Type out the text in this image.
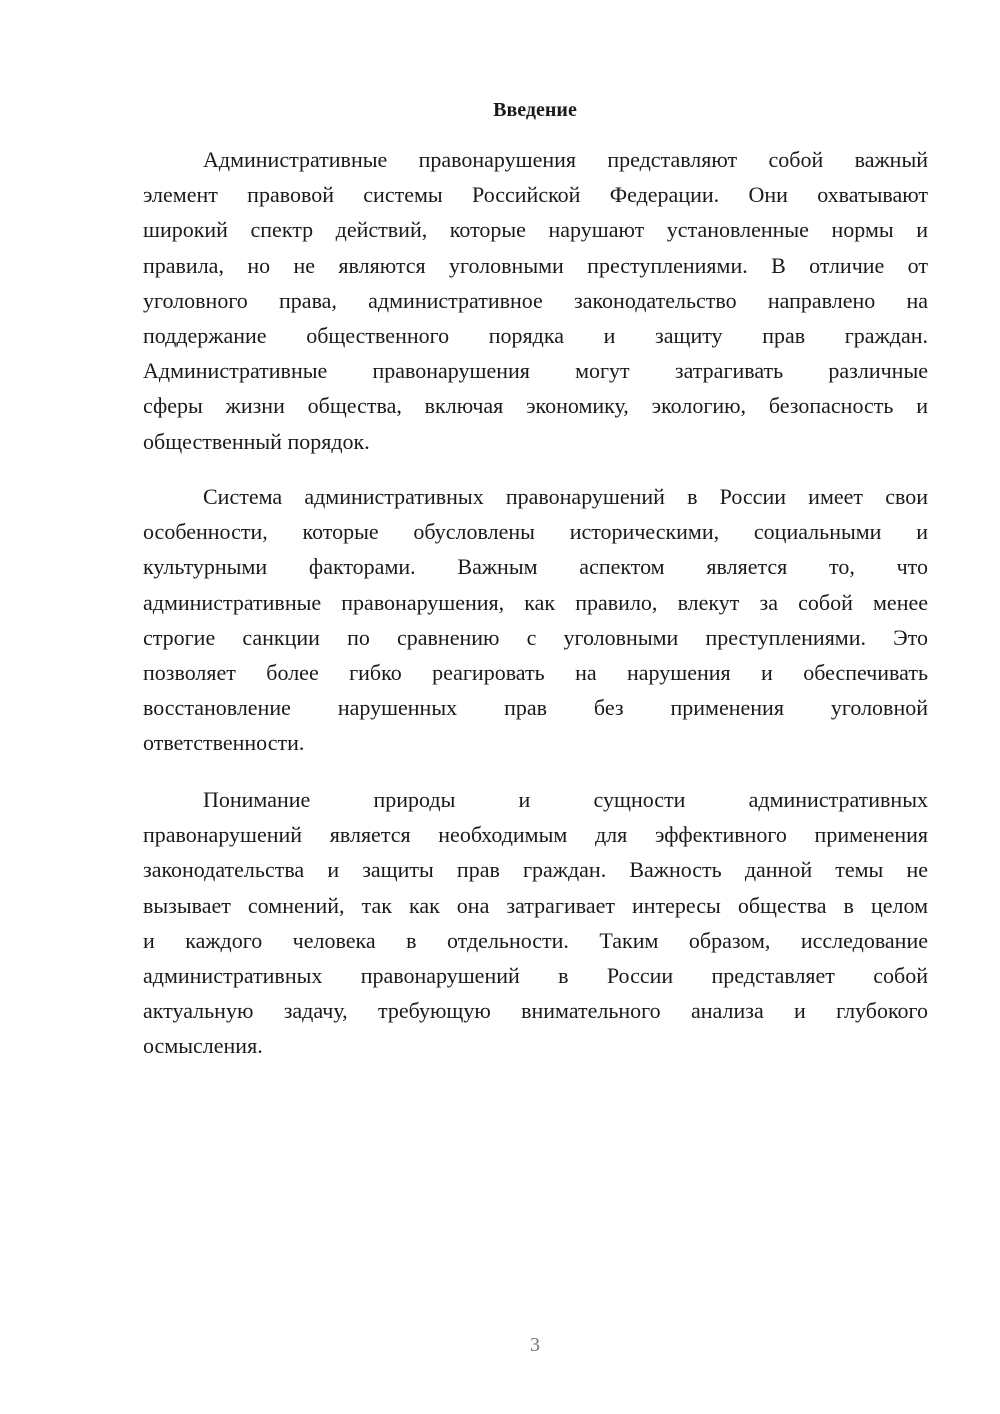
Введение
Административные правонарушения представляют собой важный
элемент правовой системы Российской Федерации. Они охватывают
широкий спектр действий, которые нарушают установленные нормы и
правила, но не являются уголовными преступлениями. В отличие от
уголовного права, административное законодательство направлено на
поддержание общественного порядка и защиту прав граждан.
Административные правонарушения могут затрагивать различные
сферы жизни общества, включая экономику, экологию, безопасность и
общественный порядок.
Система административных правонарушений в России имеет свои
особенности, которые обусловлены историческими, социальными и
культурными факторами. Важным аспектом является то, что
административные правонарушения, как правило, влекут за собой менее
строгие санкции по сравнению с уголовными преступлениями. Это
позволяет более гибко реагировать на нарушения и обеспечивать
восстановление нарушенных прав без применения уголовной
ответственности.
Понимание природы и сущности административных
правонарушений является необходимым для эффективного применения
законодательства и защиты прав граждан. Важность данной темы не
вызывает сомнений, так как она затрагивает интересы общества в целом
и каждого человека в отдельности. Таким образом, исследование
административных правонарушений в России представляет собой
актуальную задачу, требующую внимательного анализа и глубокого
осмысления.
3
